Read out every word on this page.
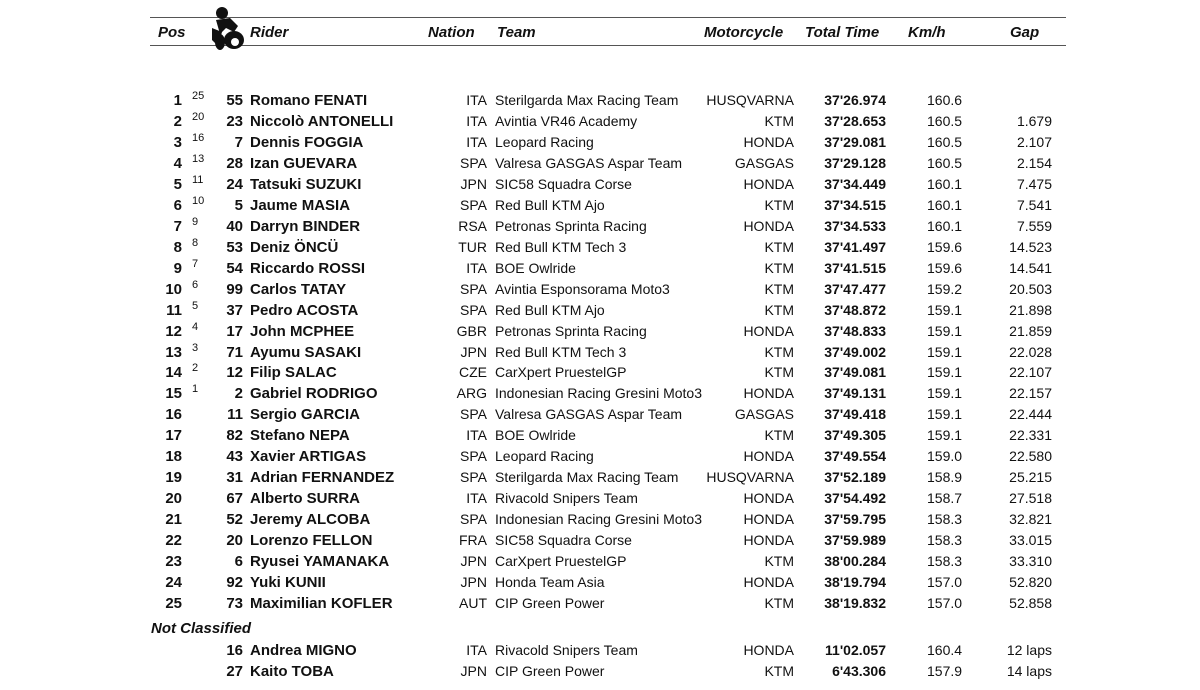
Pos	Rider	Nation Team	Motorcycle Total Time Km/h	Gap
1 25	55 Romano FENATI	ITA Sterilgarda Max Racing Team HUSQVARNA 37'26.974	160.6
2 20	23 Niccolò ANTONELLI	ITA Avintia VR46 Academy	KTM 37'28.653	160.5	1.679
3 16	7 Dennis FOGGIA	ITA Leopard Racing	HONDA 37'29.081	160.5	2.107
4 13	28 Izan GUEVARA	SPA Valresa GASGAS Aspar Team	GASGAS 37'29.128	160.5	2.154
5 11	24 Tatsuki SUZUKI	JPN SIC58 Squadra Corse	HONDA 37'34.449	160.1	7.475
6 10	5 Jaume MASIA	SPA Red Bull KTM Ajo	KTM 37'34.515	160.1	7.541
7 9	40 Darryn BINDER	RSA Petronas Sprinta Racing	HONDA 37'34.533	160.1	7.559
8 8	53 Deniz ÖNCÜ	TUR Red Bull KTM Tech 3	KTM 37'41.497	159.6	14.523
9 7	54 Riccardo ROSSI	ITA BOE Owlride	KTM 37'41.515	159.6	14.541
10 6	99 Carlos TATAY	SPA Avintia Esponsorama Moto3	KTM 37'47.477	159.2	20.503
11 5	37 Pedro ACOSTA	SPA Red Bull KTM Ajo	KTM 37'48.872	159.1	21.898
12 4	17 John MCPHEE	GBR Petronas Sprinta Racing	HONDA 37'48.833	159.1	21.859
13 3	71 Ayumu SASAKI	JPN Red Bull KTM Tech 3	KTM 37'49.002	159.1	22.028
14 2	12 Filip SALAC	CZE CarXpert PruestelGP	KTM 37'49.081	159.1	22.107
15 1	2 Gabriel RODRIGO	ARG Indonesian Racing Gresini Moto3	HONDA 37'49.131	159.1	22.157
16	11 Sergio GARCIA	SPA Valresa GASGAS Aspar Team	GASGAS 37'49.418	159.1	22.444
17	82 Stefano NEPA	ITA BOE Owlride	KTM 37'49.305	159.1	22.331
18	43 Xavier ARTIGAS	SPA Leopard Racing	HONDA 37'49.554	159.0	22.580
19	31 Adrian FERNANDEZ	SPA Sterilgarda Max Racing Team HUSQVARNA 37'52.189	158.9	25.215
20	67 Alberto SURRA	ITA Rivacold Snipers Team	HONDA 37'54.492	158.7	27.518
21	52 Jeremy ALCOBA	SPA Indonesian Racing Gresini Moto3	HONDA 37'59.795	158.3	32.821
22	20 Lorenzo FELLON	FRA SIC58 Squadra Corse	HONDA 37'59.989	158.3	33.015
23	6 Ryusei YAMANAKA	JPN CarXpert PruestelGP	KTM 38'00.284	158.3	33.310
24	92 Yuki KUNII	JPN Honda Team Asia	HONDA 38'19.794	157.0	52.820
25	73 Maximilian KOFLER	AUT CIP Green Power	KTM 38'19.832	157.0	52.858
Not Classified
16 Andrea MIGNO	ITA Rivacold Snipers Team	HONDA 11'02.057	160.4	12 laps
27 Kaito TOBA	JPN CIP Green Power	KTM	6'43.306	157.9	14 laps
